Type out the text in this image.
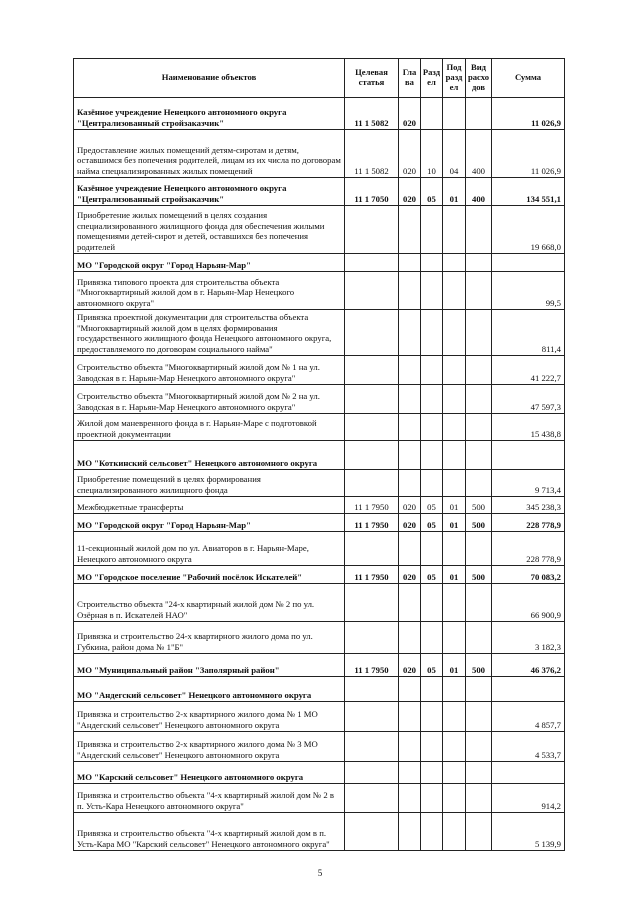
Наименование объектов	Целевая статья	Гла ва	Разд ел	Под разд ел	Вид расхо дов	Сумма
Казённое учреждение Ненецкого автономного округа "Централизованный стройзаказчик"	11 1 5082	020				11 026,9
Предоставление жилых помещений детям-сиротам и детям, оставшимся без попечения родителей, лицам из их числа по договорам найма специализированных жилых помещений	11 1 5082	020	10	04	400	11 026,9
Казённое учреждение Ненецкого автономного округа "Централизованный стройзаказчик"	11 1 7050	020	05	01	400	134 551,1
Приобретение жилых помещений в целях создания специализированного жилищного фонда для обеспечения жилыми помещениями детей-сирот и детей, оставшихся без попечения родителей						19 668,0
МО "Городской округ "Город Нарьян-Мар"						
Привязка типового проекта для строительства объекта "Многоквартирный жилой дом в г. Нарьян-Мар Ненецкого автономного округа"						99,5
Привязка проектной документации для строительства объекта "Многоквартирный жилой дом в целях формирования государственного жилищного фонда Ненецкого автономного округа, предоставляемого по договорам социального найма"						811,4
Строительство объекта "Многоквартирный жилой дом № 1 на ул. Заводская в г. Нарьян-Мар Ненецкого автономного округа"						41 222,7
Строительство объекта "Многоквартирный жилой дом № 2 на ул. Заводская в г. Нарьян-Мар Ненецкого автономного округа"						47 597,3
Жилой дом маневренного фонда в г. Нарьян-Маре с подготовкой проектной документации						15 438,8
МО "Коткинский сельсовет" Ненецкого автономного округа						
Приобретение помещений в целях формирования специализированного жилищного фонда						9 713,4
Межбюджетные трансферты	11 1 7950	020	05	01	500	345 238,3
МО "Городской округ "Город Нарьян-Мар"	11 1 7950	020	05	01	500	228 778,9
11-секционный жилой дом по ул. Авиаторов в г. Нарьян-Маре, Ненецкого автономного округа						228 778,9
МО "Городское поселение "Рабочий посёлок Искателей"	11 1 7950	020	05	01	500	70 083,2
Строительство объекта "24-х квартирный жилой дом № 2 по ул. Озёрная в п. Искателей НАО"						66 900,9
Привязка и строительство 24-х квартирного жилого дома по ул. Губкина, район дома № 1"Б"						3 182,3
МО "Муниципальный район "Заполярный район"	11 1 7950	020	05	01	500	46 376,2
МО "Андегский сельсовет" Ненецкого автономного округа						
Привязка и строительство 2-х квартирного жилого дома № 1 МО "Андегский сельсовет" Ненецкого автономного округа						4 857,7
Привязка и строительство 2-х квартирного жилого дома № 3 МО "Андегский сельсовет" Ненецкого автономного округа						4 533,7
МО "Карский сельсовет" Ненецкого автономного округа						
Привязка и строительство объекта "4-х квартирный жилой дом № 2 в п. Усть-Кара Ненецкого автономного округа"						914,2
Привязка и строительство объекта "4-х квартирный жилой дом в п. Усть-Кара МО "Карский сельсовет" Ненецкого автономного округа"						5 139,9
5
